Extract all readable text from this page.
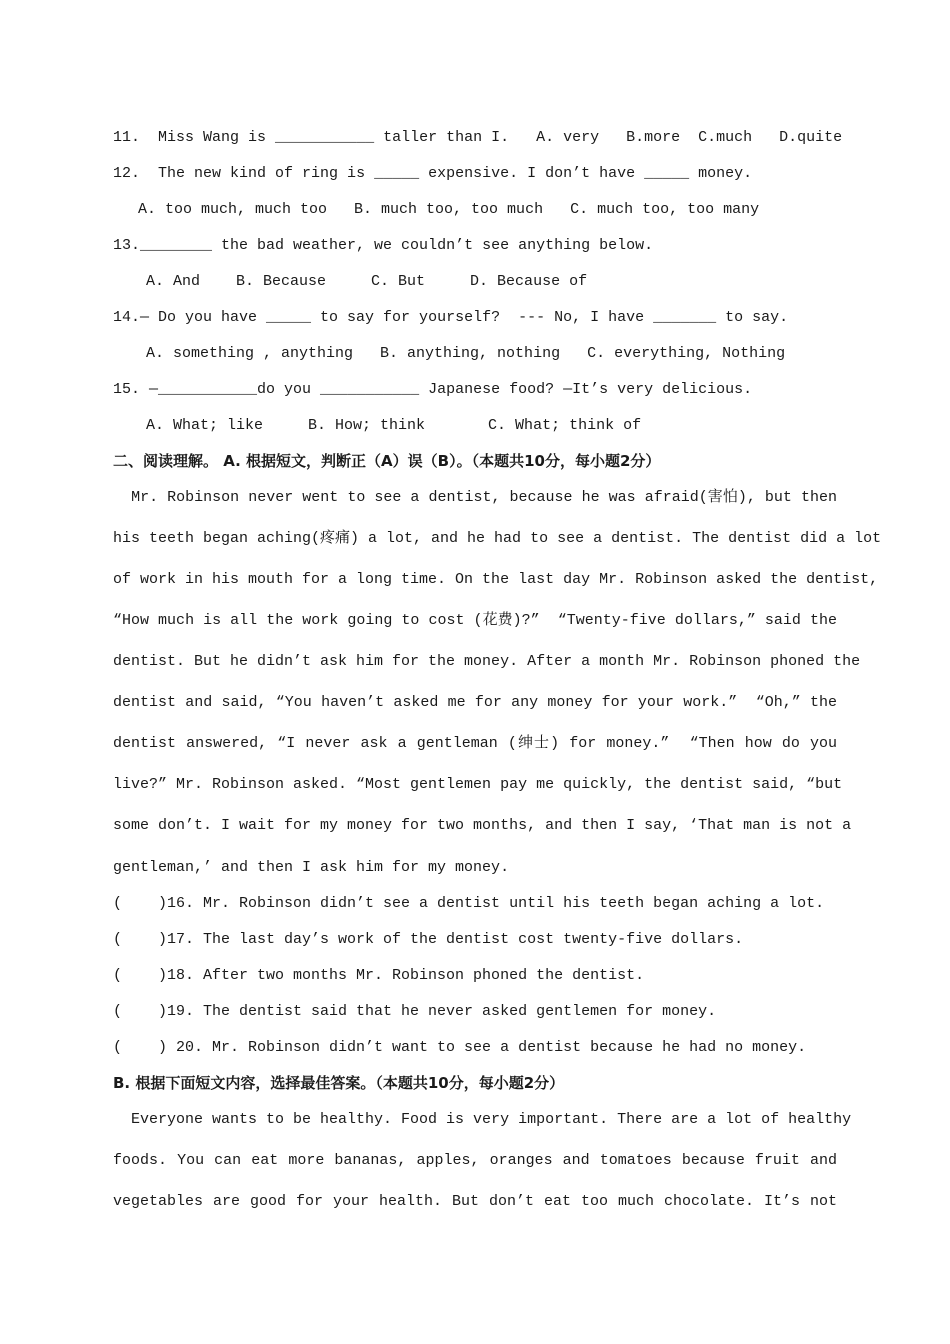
11. Miss Wang is ___________ taller than I.   A. very   B.more  C.much   D.quite
12. The new kind of ring is _____ expensive. I don’t have _____ money.
A. too much, much too   B. much too, too much   C. much too, too many
13.________ the bad weather, we couldn’t see anything below.
A. And    B. Because     C. But     D. Because of
14.— Do you have _____ to say for yourself?  --- No, I have _______ to say.
A. something , anything   B. anything, nothing   C. everything, Nothing
15. —___________do you ___________ Japanese food? —It’s very delicious.
A. What; like     B. How; think       C. What; think of
二、阅读理解。 A. 根据短文，判断正（A）误（B）。（本题共10分，每小题2分）
Mr. Robinson never went to see a dentist, because he was afraid(害怕), but then
his teeth began aching(疼痛) a lot, and he had to see a dentist. The dentist did a lot
of work in his mouth for a long time. On the last day Mr. Robinson asked the dentist,
“How much is all the work going to cost (花费)?”  “Twenty-five dollars,” said the
dentist. But he didn’t ask him for the money. After a month Mr. Robinson phoned the
dentist and said, “You haven’t asked me for any money for your work.”  “Oh,” the
dentist answered, “I never ask a gentleman (绅士) for money.”  “Then how do you
live?” Mr. Robinson asked. “Most gentlemen pay me quickly, the dentist said, “but
some don’t. I wait for my money for two months, and then I say, ‘That man is not a
gentleman,’ and then I ask him for my money.
(    )16. Mr. Robinson didn’t see a dentist until his teeth began aching a lot.
(    )17. The last day’s work of the dentist cost twenty-five dollars.
(    )18. After two months Mr. Robinson phoned the dentist.
(    )19. The dentist said that he never asked gentlemen for money.
(    ) 20. Mr. Robinson didn’t want to see a dentist because he had no money.
B. 根据下面短文内容，选择最佳答案。（本题共10分，每小题2分）
Everyone wants to be healthy. Food is very important. There are a lot of healthy
foods. You can eat more bananas, apples, oranges and tomatoes because fruit and
vegetables are good for your health. But don’t eat too much chocolate. It’s not
